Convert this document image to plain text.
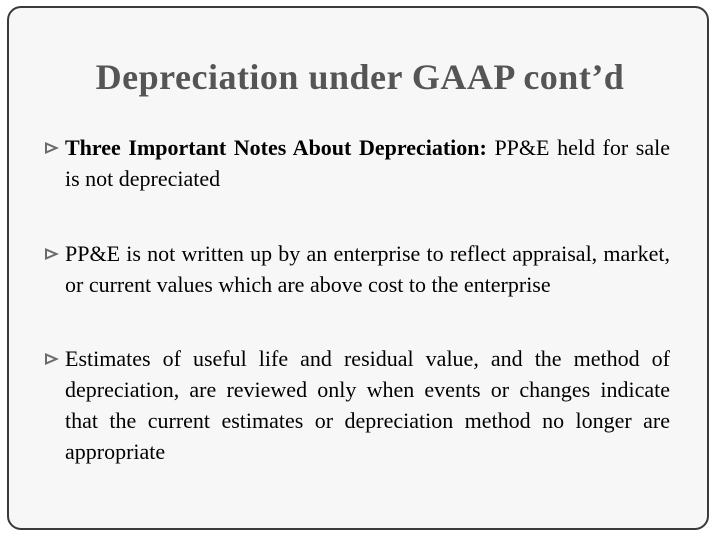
Depreciation under GAAP cont’d
Three Important Notes About Depreciation: PP&E held for sale is not depreciated
PP&E is not written up by an enterprise to reflect appraisal, market, or current values which are above cost to the enterprise
Estimates of useful life and residual value, and the method of depreciation, are reviewed only when events or changes indicate that the current estimates or depreciation method no longer are appropriate
